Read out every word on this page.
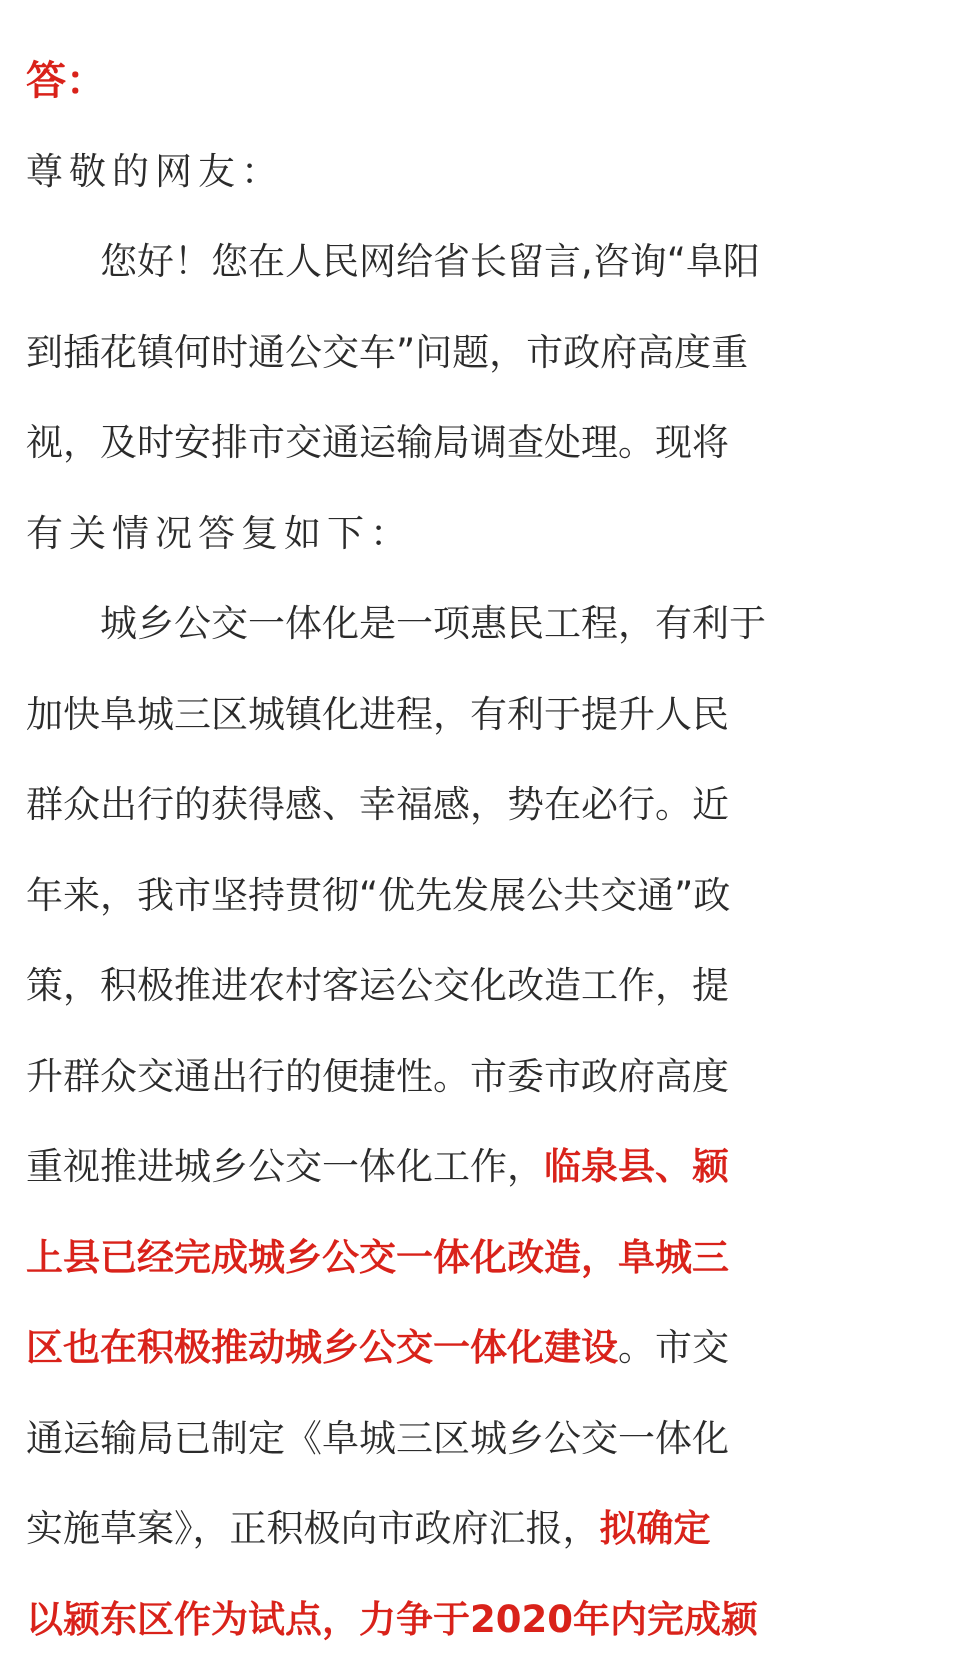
答：
尊敬的网友：
　　您好！您在人民网给省长留言,咨询“阜阳
到插花镇何时通公交车”问题，市政府高度重
视，及时安排市交通运输局调查处理。现将
有关情况答复如下：
　　城乡公交一体化是一项惠民工程，有利于
加快阜城三区城镇化进程，有利于提升人民
群众出行的获得感、幸福感，势在必行。近
年来，我市坚持贯彻“优先发展公共交通”政
策，积极推进农村客运公交化改造工作，提
升群众交通出行的便捷性。市委市政府高度
重视推进城乡公交一体化工作，临泉县、颍
上县已经完成城乡公交一体化改造，阜城三
区也在积极推动城乡公交一体化建设。市交
通运输局已制定《阜城三区城乡公交一体化
实施草案》，正积极向市政府汇报，拟确定
以颍东区作为试点，力争于2020年内完成颍
